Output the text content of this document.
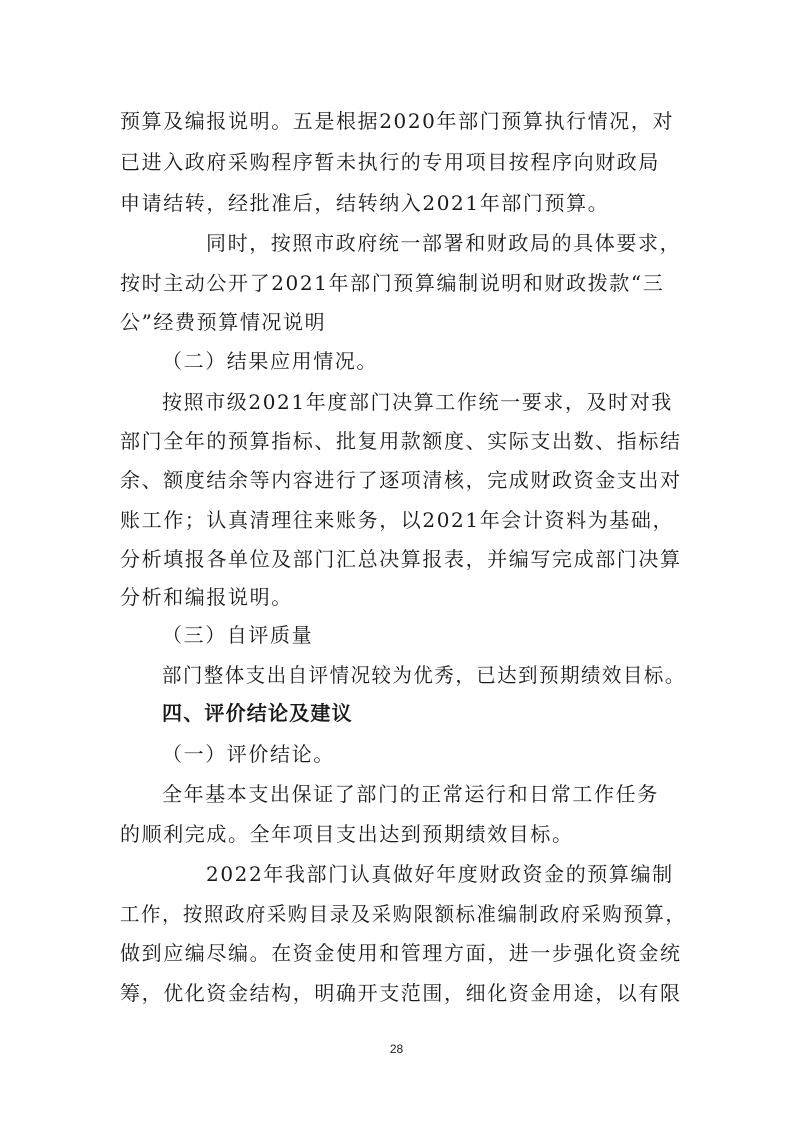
预算及编报说明。五是根据2020年部门预算执行情况，对
已进入政府采购程序暂未执行的专用项目按程序向财政局
申请结转，经批准后，结转纳入2021年部门预算。
同时，按照市政府统一部署和财政局的具体要求，
按时主动公开了2021年部门预算编制说明和财政拨款“三
公”经费预算情况说明
（二）结果应用情况。
按照市级2021年度部门决算工作统一要求，及时对我
部门全年的预算指标、批复用款额度、实际支出数、指标结
余、额度结余等内容进行了逐项清核，完成财政资金支出对
账工作；认真清理往来账务，以2021年会计资料为基础，
分析填报各单位及部门汇总决算报表，并编写完成部门决算
分析和编报说明。
（三）自评质量
部门整体支出自评情况较为优秀，已达到预期绩效目标。
四、评价结论及建议
（一）评价结论。
全年基本支出保证了部门的正常运行和日常工作任务
的顺利完成。全年项目支出达到预期绩效目标。
2022年我部门认真做好年度财政资金的预算编制
工作，按照政府采购目录及采购限额标准编制政府采购预算，
做到应编尽编。在资金使用和管理方面，进一步强化资金统
筹，优化资金结构，明确开支范围，细化资金用途，以有限
28
